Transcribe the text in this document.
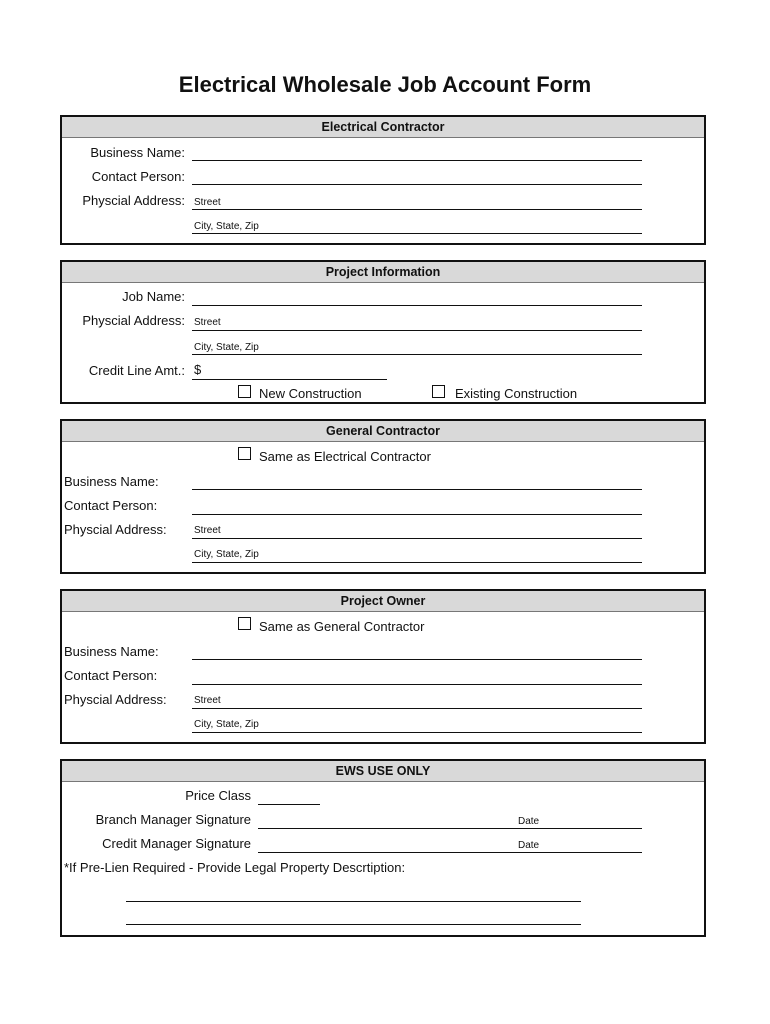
Electrical Wholesale Job Account Form
Electrical Contractor
Business Name:
Contact Person:
Physcial Address: Street
City, State, Zip
Project Information
Job Name:
Physcial Address: Street
City, State, Zip
Credit Line Amt.: $
New Construction	Existing Construction
General Contractor
Same as Electrical Contractor
Business Name:
Contact Person:
Physcial Address:	Street
City, State, Zip
Project Owner
Same as General Contractor
Business Name:
Contact Person:
Physcial Address:	Street
City, State, Zip
EWS USE ONLY
Price Class
Branch Manager Signature	Date
Credit Manager Signature	Date
*If Pre-Lien Required - Provide Legal Property Descrtiption:
